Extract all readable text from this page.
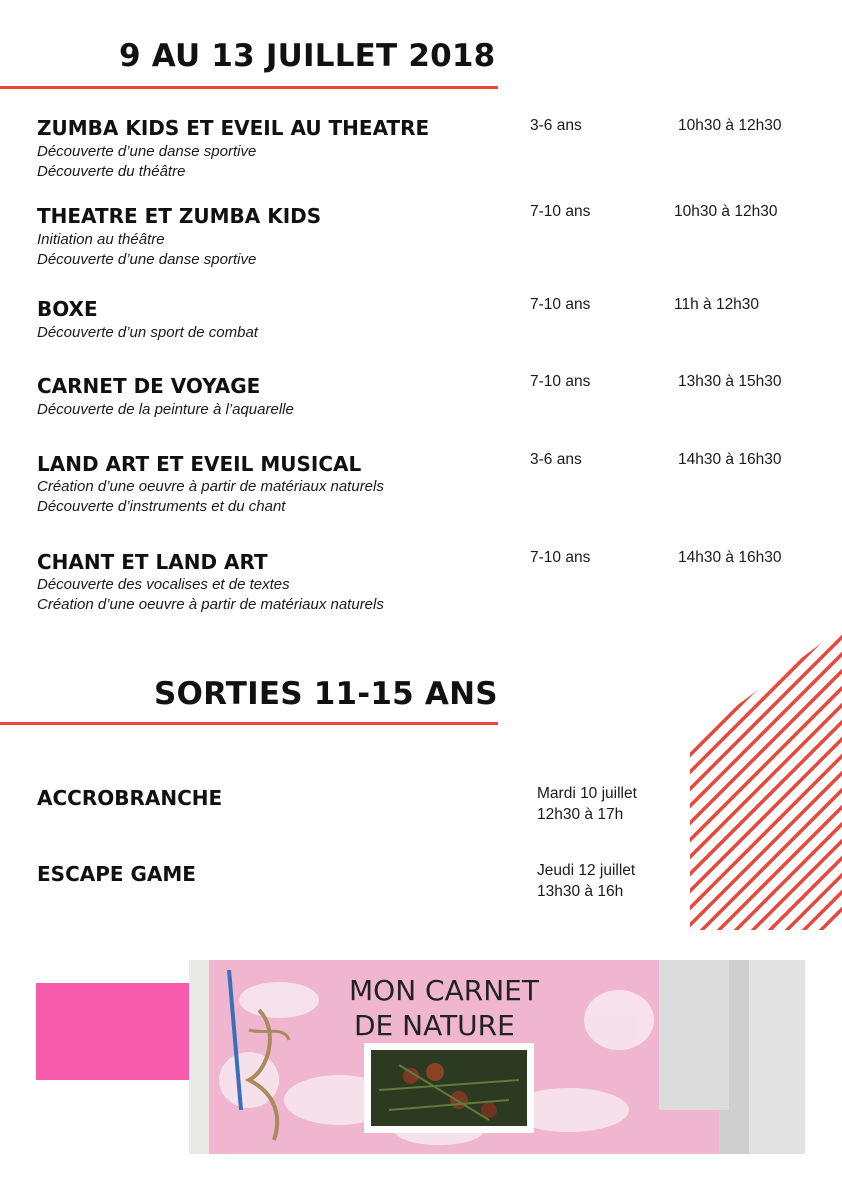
9 AU 13 JUILLET 2018
ZUMBA KIDS ET EVEIL AU THEATRE
Découverte d’une danse sportive
Découverte du théâtre
3-6 ans	10h30 à 12h30
THEATRE ET ZUMBA KIDS
Initiation au théâtre
Découverte d’une danse sportive
7-10 ans	10h30 à 12h30
BOXE
Découverte d’un sport de combat
7-10 ans	11h à 12h30
CARNET DE VOYAGE
Découverte de la peinture à l’aquarelle
7-10 ans	13h30 à 15h30
LAND ART ET EVEIL MUSICAL
Création d’une oeuvre à partir de matériaux naturels
Découverte d’instruments et du chant
3-6 ans	14h30 à 16h30
CHANT ET LAND ART
Découverte des vocalises et de textes
Création d’une oeuvre à partir de matériaux naturels
7-10 ans	14h30 à 16h30
SORTIES 11-15 ANS
ACCROBRANCHE	Mardi 10 juillet
12h30 à 17h
ESCAPE GAME	Jeudi 12 juillet
13h30 à 16h
MON CARNET
DE NATURE
